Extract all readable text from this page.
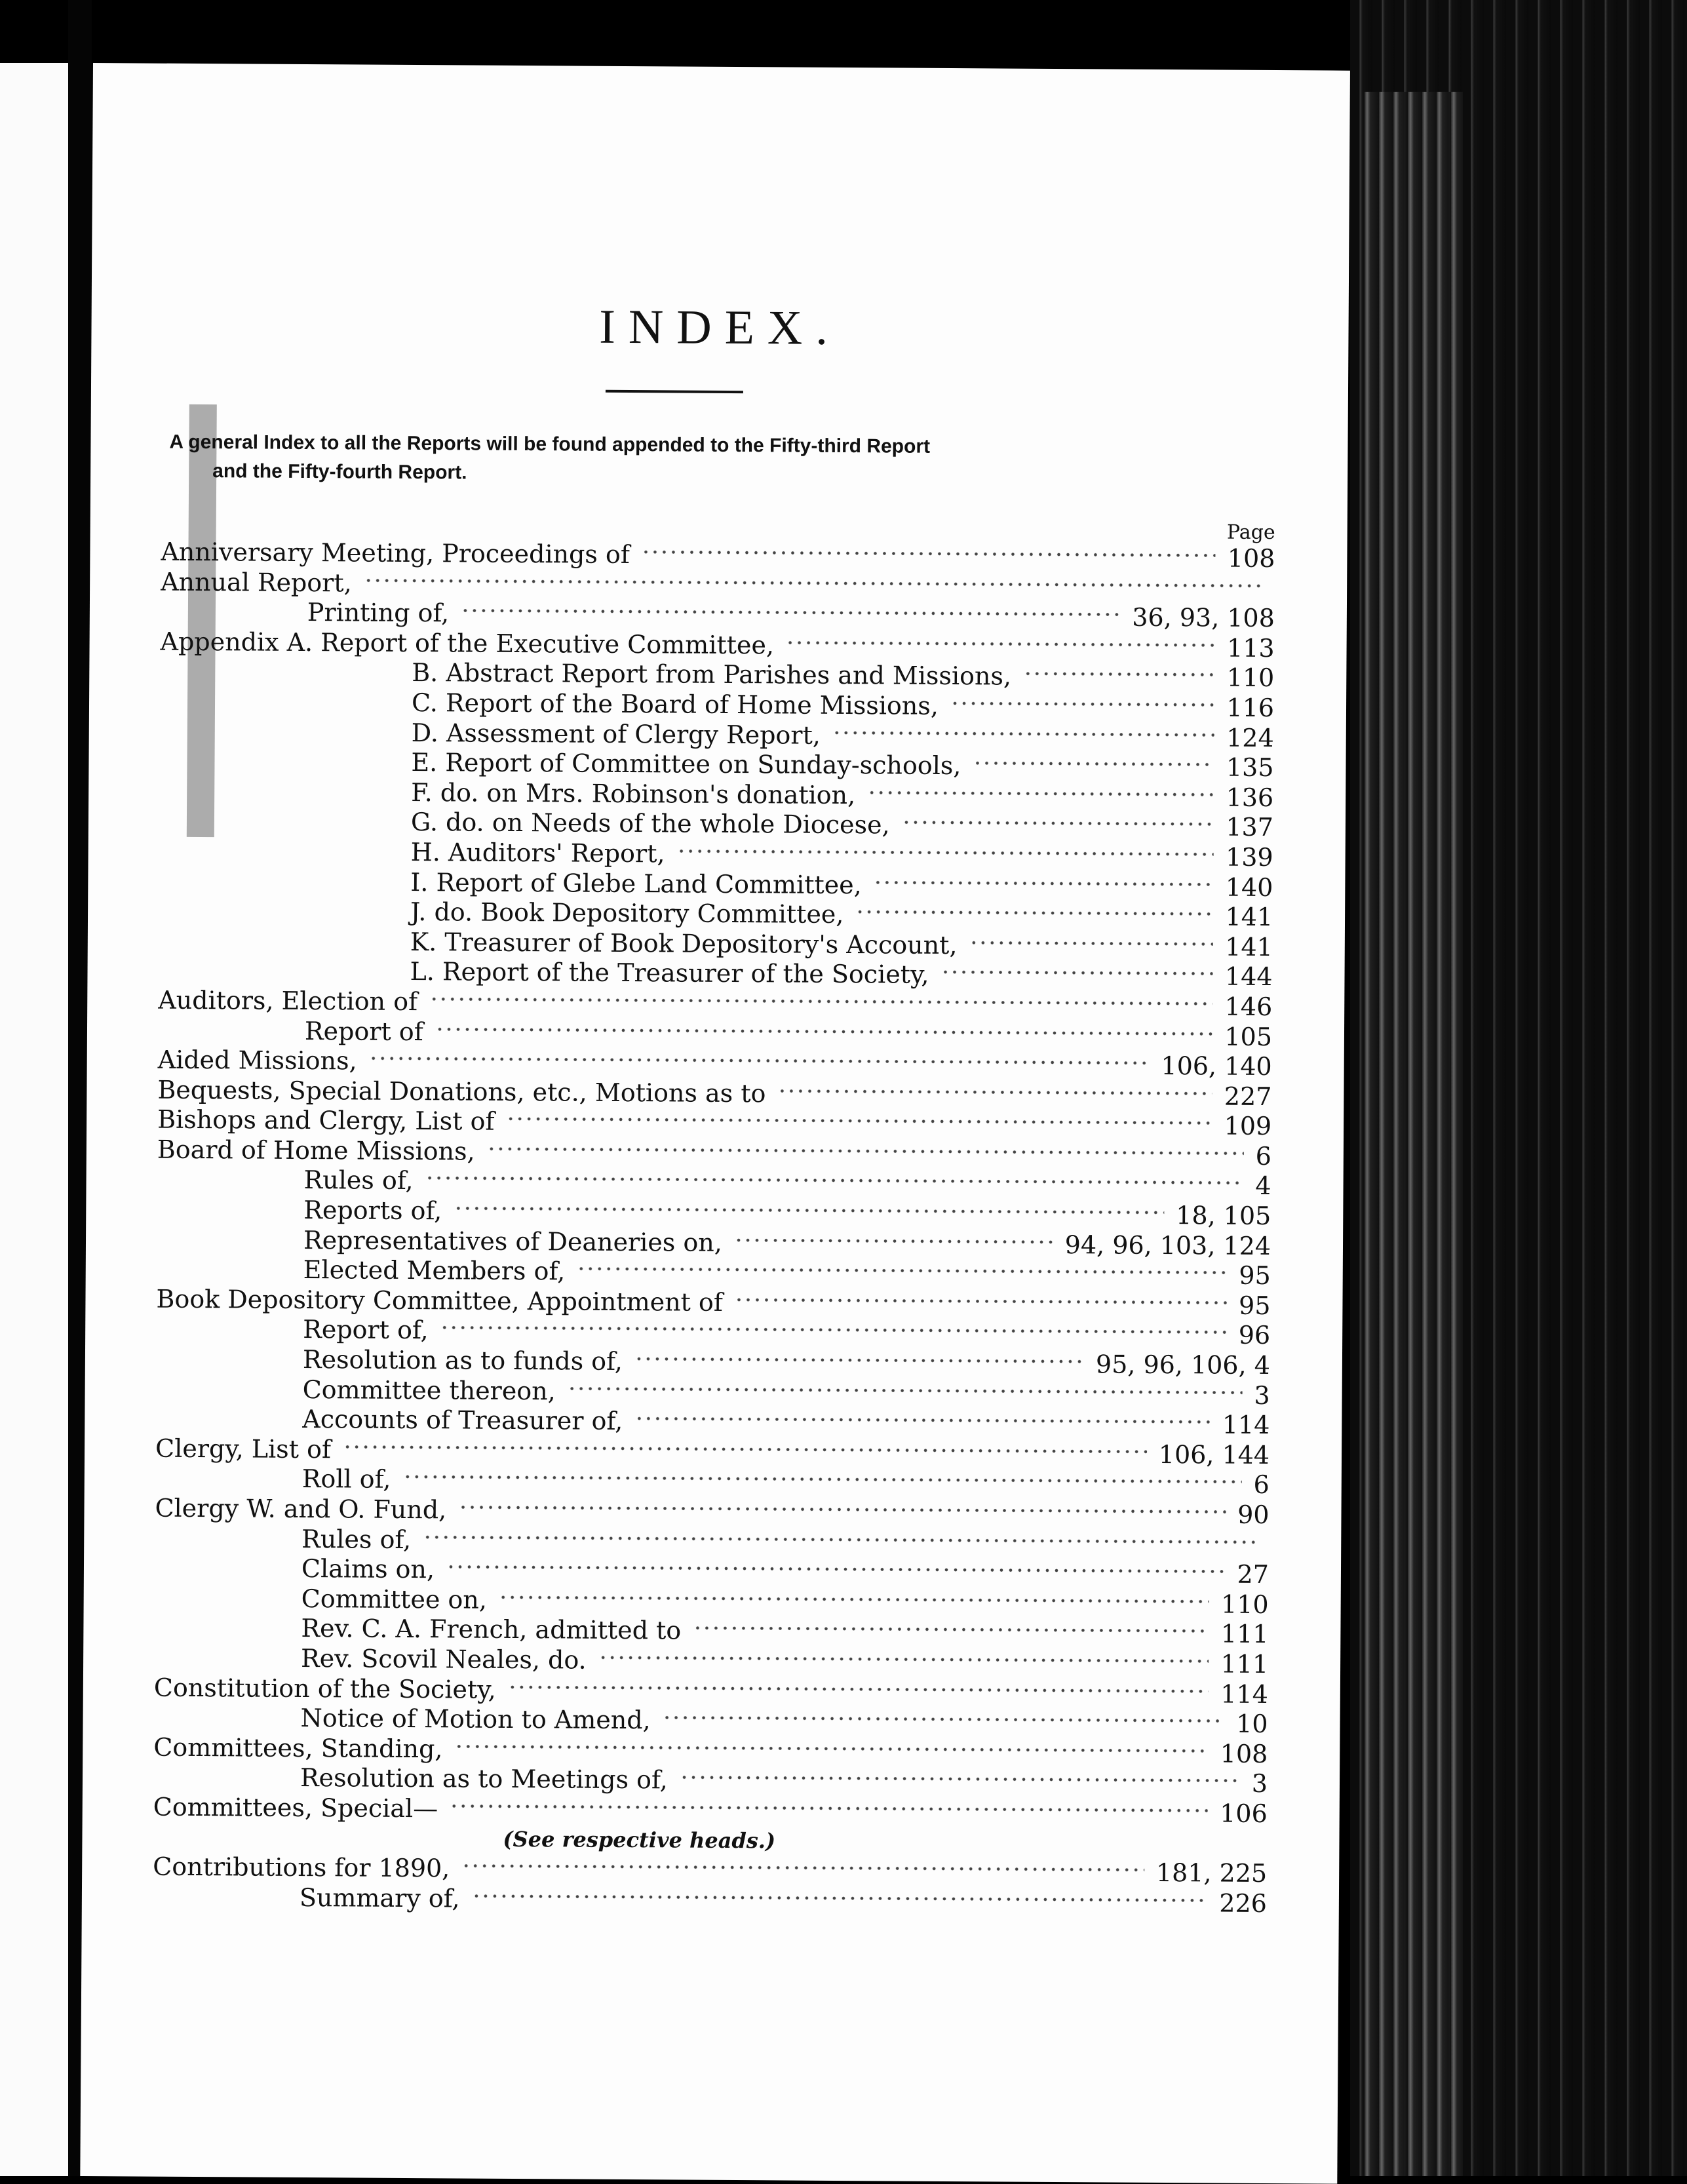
INDEX.

A general Index to all the Reports will be found appended to the Fifty-third Report

and the Fifty-fourth Report.

Page
Anniversary Meeting, Proceedings of	108
Annual Report,
Printing of,	36, 93, 108
Appendix A. Report of the Executive Committee,	113
B. Abstract Report from Parishes and Missions,	110
C. Report of the Board of Home Missions,	116
D. Assessment of Clergy Report,	124
E. Report of Committee on Sunday-schools,	135
F. do. on Mrs. Robinson's donation,	136
G. do. on Needs of the whole Diocese,	137
H. Auditors' Report,	139
I. Report of Glebe Land Committee,	140
J. do. Book Depository Committee,	141
K. Treasurer of Book Depository's Account,	141
L. Report of the Treasurer of the Society,	144
Auditors, Election of	146
Report of	105
Aided Missions,	106, 140
Bequests, Special Donations, etc., Motions as to	227
Bishops and Clergy, List of	109
Board of Home Missions,	6
Rules of,	4
Reports of,	18, 105
Representatives of Deaneries on,	94, 96, 103, 124
Elected Members of,	95
Book Depository Committee, Appointment of	95
Report of,	96
Resolution as to funds of,	95, 96, 106, 4
Committee thereon,	3
Accounts of Treasurer of,	114
Clergy, List of	106, 144
Roll of,	6
Clergy W. and O. Fund,	90
Rules of,
Claims on,	27
Committee on,	110
Rev. C. A. French, admitted to	111
Rev. Scovil Neales, do.	111
Constitution of the Society,	114
Notice of Motion to Amend,	10
Committees, Standing,	108
Resolution as to Meetings of,	3
Committees, Special—	106
(See respective heads.)
Contributions for 1890,	181, 225
Summary of,	226
